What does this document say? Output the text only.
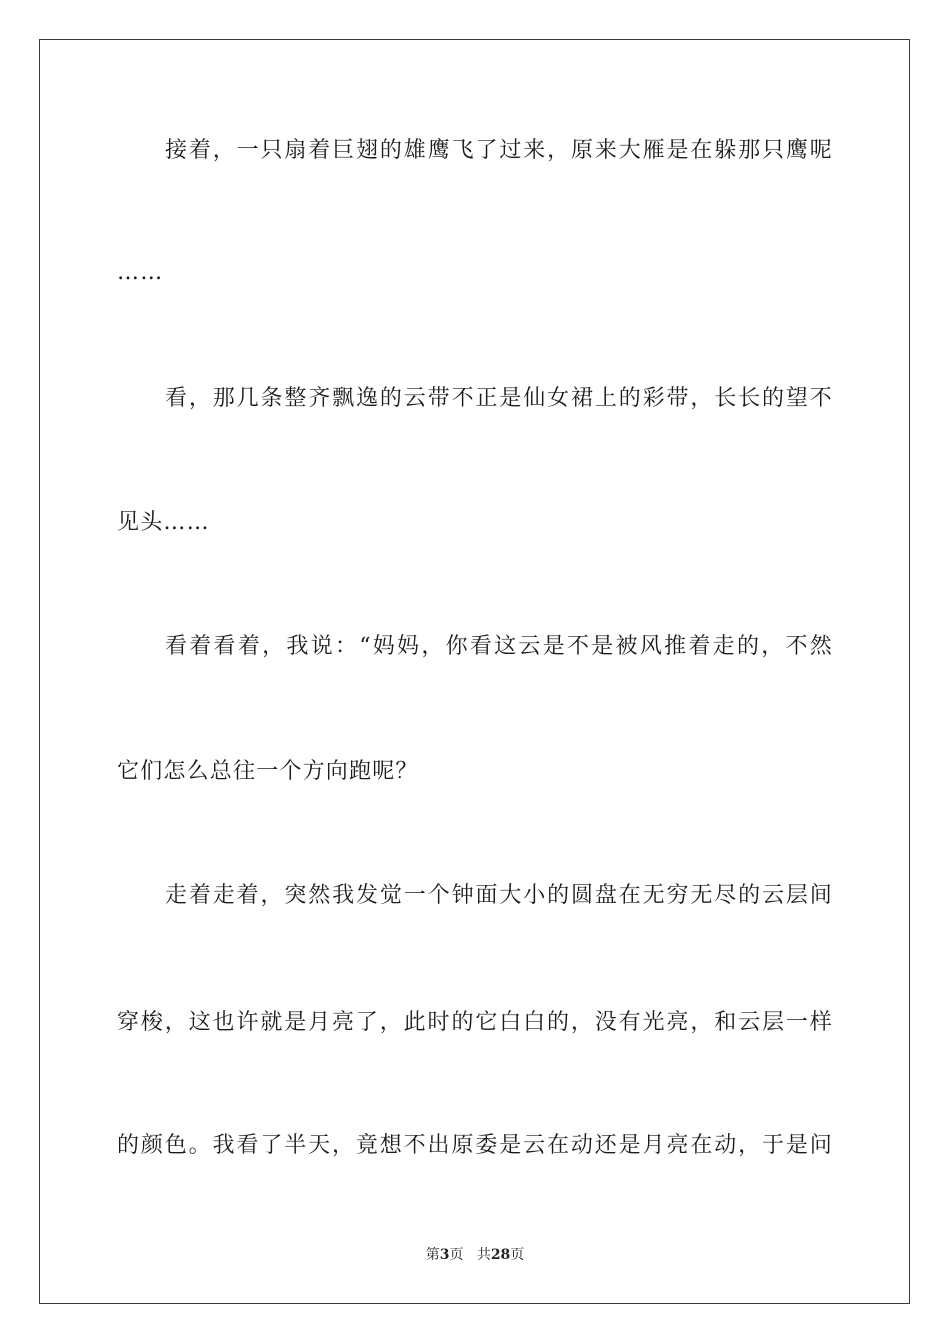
接着，一只扇着巨翅的雄鹰飞了过来，原来大雁是在躲那只鹰呢
……
看，那几条整齐飘逸的云带不正是仙女裙上的彩带，长长的望不
见头……
看着看着，我说：“妈妈，你看这云是不是被风推着走的，不然
它们怎么总往一个方向跑呢？
走着走着，突然我发觉一个钟面大小的圆盘在无穷无尽的云层间
穿梭，这也许就是月亮了，此时的它白白的，没有光亮，和云层一样
的颜色。我看了半天，竟想不出原委是云在动还是月亮在动，于是问
第3页 共28页
